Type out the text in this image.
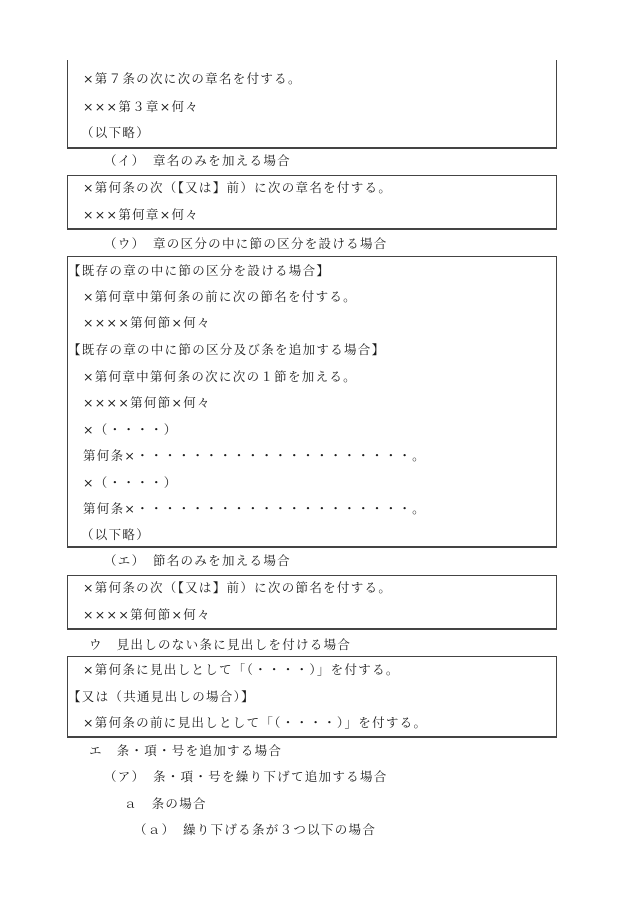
×第７条の次に次の章名を付する。
×××第３章×何々
（以下略）
（イ）　章名のみを加える場合
×第何条の次（【又は】前）に次の章名を付する。
×××第何章×何々
（ウ）　章の区分の中に節の区分を設ける場合
【既存の章の中に節の区分を設ける場合】
×第何章中第何条の前に次の節名を付する。
××××第何節×何々
【既存の章の中に節の区分及び条を追加する場合】
×第何章中第何条の次に次の１節を加える。
××××第何節×何々
×（・・・・）
第何条×・・・・・・・・・・・・・・・・・・・・。
×（・・・・）
第何条×・・・・・・・・・・・・・・・・・・・・。
（以下略）
（エ）　節名のみを加える場合
×第何条の次（【又は】前）に次の節名を付する。
××××第何節×何々
ウ　見出しのない条に見出しを付ける場合
×第何条に見出しとして「（・・・・）」を付する。
【又は（共通見出しの場合）】
×第何条の前に見出しとして「（・・・・）」を付する。
エ　条・項・号を追加する場合
（ア）　条・項・号を繰り下げて追加する場合
ａ　条の場合
（ａ）　繰り下げる条が３つ以下の場合
